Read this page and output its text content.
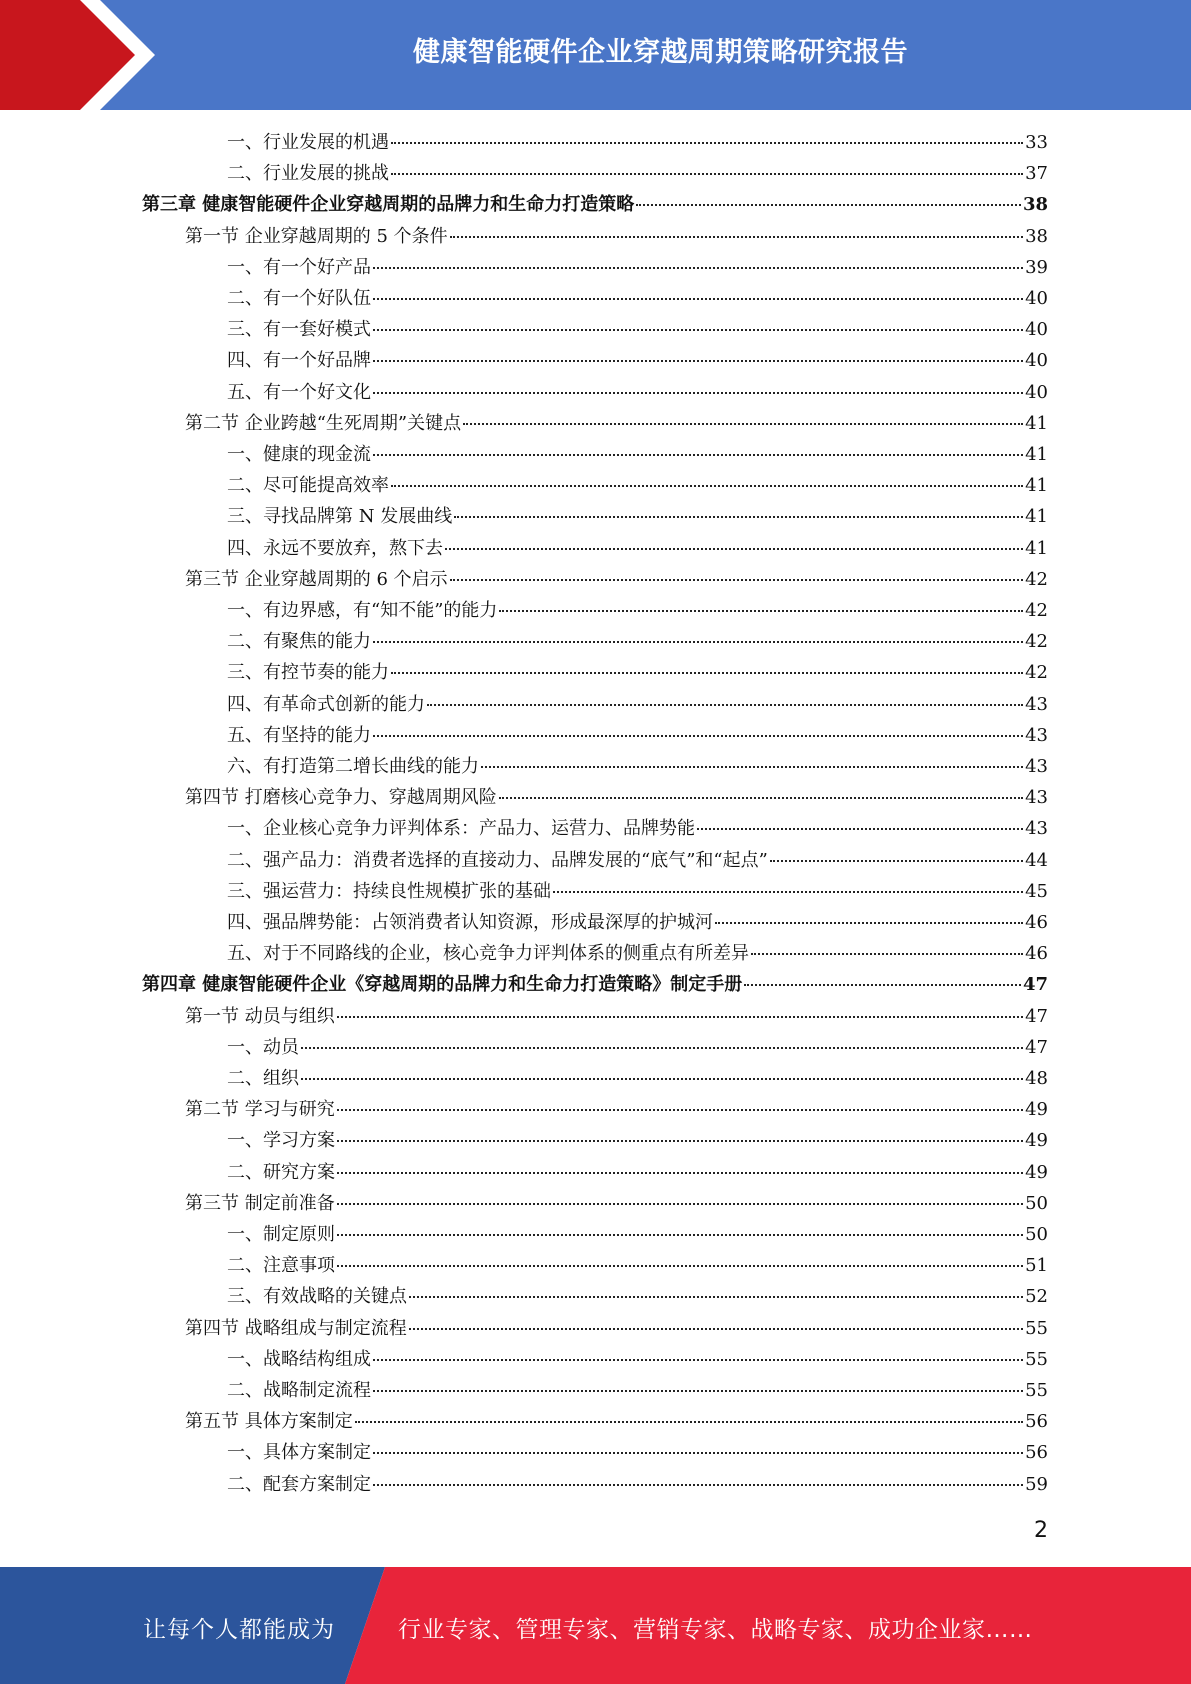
健康智能硬件企业穿越周期策略研究报告
一、行业发展的机遇	33
二、行业发展的挑战	37
第三章 健康智能硬件企业穿越周期的品牌力和生命力打造策略	38
第一节 企业穿越周期的 5 个条件	38
一、有一个好产品	39
二、有一个好队伍	40
三、有一套好模式	40
四、有一个好品牌	40
五、有一个好文化	40
第二节 企业跨越“生死周期”关键点	41
一、健康的现金流	41
二、尽可能提高效率	41
三、寻找品牌第 N 发展曲线	41
四、永远不要放弃，熬下去	41
第三节 企业穿越周期的 6 个启示	42
一、有边界感，有“知不能”的能力	42
二、有聚焦的能力	42
三、有控节奏的能力	42
四、有革命式创新的能力	43
五、有坚持的能力	43
六、有打造第二增长曲线的能力	43
第四节 打磨核心竞争力、穿越周期风险	43
一、企业核心竞争力评判体系：产品力、运营力、品牌势能	43
二、强产品力：消费者选择的直接动力、品牌发展的“底气”和“起点”	44
三、强运营力：持续良性规模扩张的基础	45
四、强品牌势能：占领消费者认知资源，形成最深厚的护城河	46
五、对于不同路线的企业，核心竞争力评判体系的侧重点有所差异	46
第四章 健康智能硬件企业《穿越周期的品牌力和生命力打造策略》制定手册	47
第一节 动员与组织	47
一、动员	47
二、组织	48
第二节 学习与研究	49
一、学习方案	49
二、研究方案	49
第三节 制定前准备	50
一、制定原则	50
二、注意事项	51
三、有效战略的关键点	52
第四节 战略组成与制定流程	55
一、战略结构组成	55
二、战略制定流程	55
第五节 具体方案制定	56
一、具体方案制定	56
二、配套方案制定	59
2
让每个人都能成为	行业专家、管理专家、营销专家、战略专家、成功企业家……
